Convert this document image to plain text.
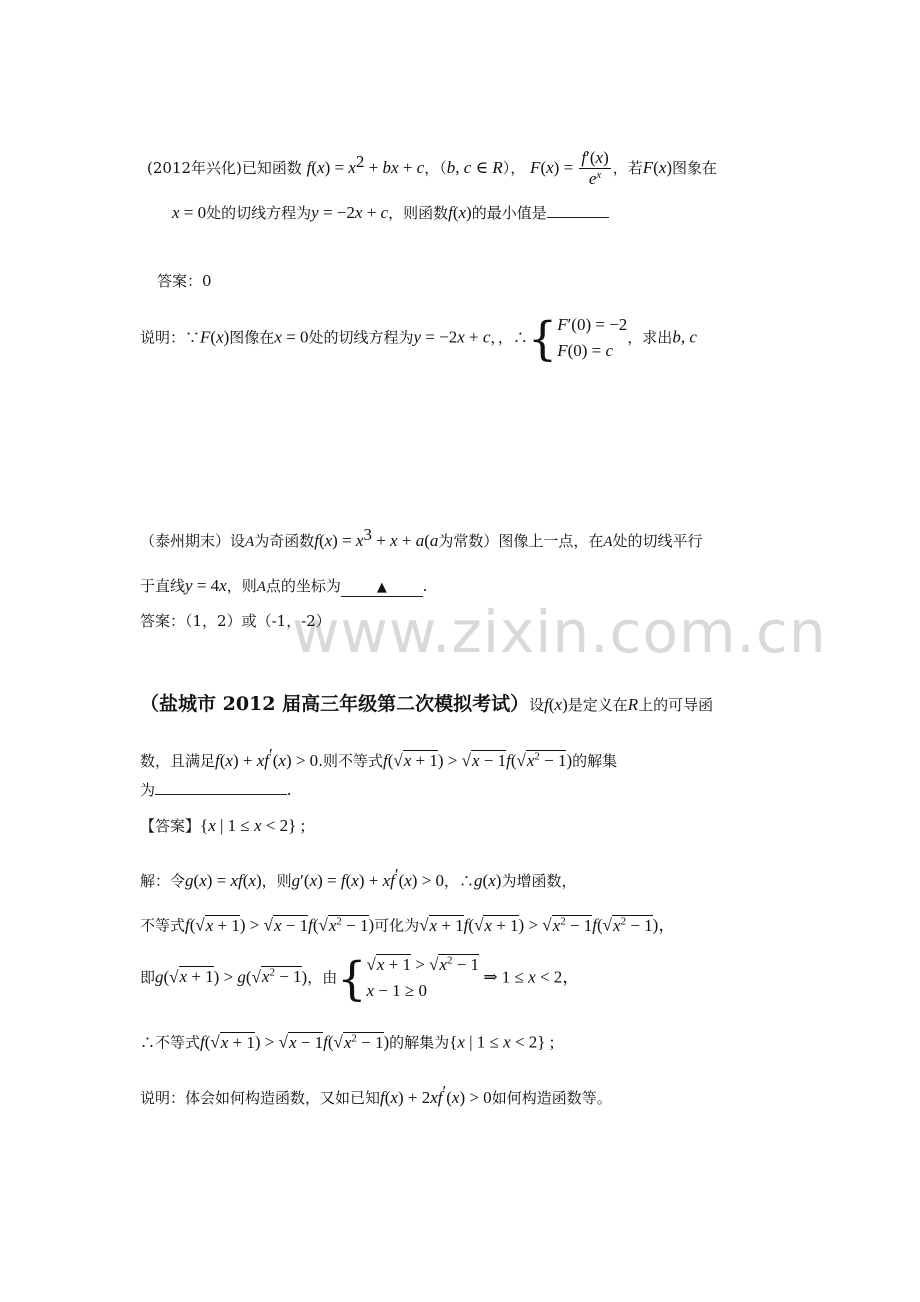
www.zixin.com.cn
(2012年兴化)已知函数 $f(x) = x^2$ + bx + c，（b, c ∈ R）， $F(x) = \frac{f'(x)}{e^x}$ ，若F(x)图象在
x = 0处的切线方程为y = −2x + c，则函数f(x)的最小值是
答案：0
说明：∵F(x)图像在x = 0处的切线方程为y = −2x + c，，∴{ F′(0) = −2
F(0) = c
，求出b, c
（泰州期末）设A为奇函数$f(x) = x^3 + x + a(a$为常数）图像上一点，在A处的切线平行
于直线y = 4x，则A点的坐标为	▲ .
答案：（1，2）或（-1，-2）
（盐城市 2012 届高三年级第二次模拟考试）设f(x)是定义在R上的可导函
数，且满足f(x) + xf′(x) > 0.则不等式$f(√x + 1) > √x - 1f(√x^2 - 1)$的解集
为	.
【答案】{x | 1 ≤ x < 2} ;
解：令g(x) = xf(x)，则g′(x) = f(x) + xf′(x) > 0，∴g(x)为增函数，
不等式$f(√x + 1) > √x - 1f(√x^2 - 1)$可化为$√x + 1f(√x + 1) > √x^2 - 1f(√x^2 - 1)$，
即$g(√x + 1) > g(√x^2 - 1)$，由{ $√x + 1 > √x^2 - 1$
x − 1 ≥ 0
⇒ 1 ≤ x < 2，
∴不等式$f(√x + 1) > √x - 1f(√x^2 - 1)$的解集为{x | 1 ≤ x < 2} ;
说明：体会如何构造函数，又如已知f(x) + 2xf′(x) > 0如何构造函数等。
